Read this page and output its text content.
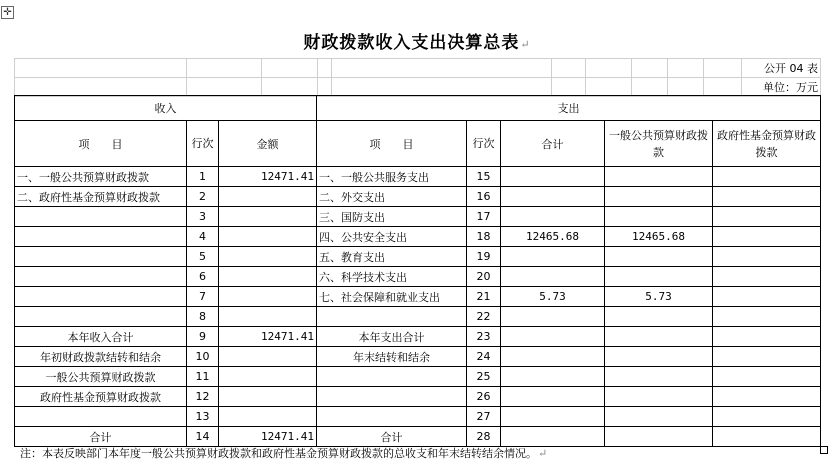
✛
财政拨款收入支出决算总表↵
										公开 04 表
										单位：万元
收入			支出				
项　　目	行次	金额	项　　目	行次	合计	一般公共预算财政拨款	政府性基金预算财政拨款
一、一般公共预算财政拨款	1	12471.41	一、一般公共服务支出	15			
二、政府性基金预算财政拨款	2		二、外交支出	16			
	3		三、国防支出	17			
	4		四、公共安全支出	18	12465.68	12465.68	
	5		五、教育支出	19			
	6		六、科学技术支出	20			
	7		七、社会保障和就业支出	21	5.73	5.73	
	8			22			
本年收入合计	9	12471.41	本年支出合计	23			
年初财政拨款结转和结余	10		年末结转和结余	24			
一般公共预算财政拨款	11			25			
政府性基金预算财政拨款	12			26			
	13			27			
合计	14	12471.41	合计	28			
注：本表反映部门本年度一般公共预算财政拨款和政府性基金预算财政拨款的总收支和年末结转结余情况。↵
